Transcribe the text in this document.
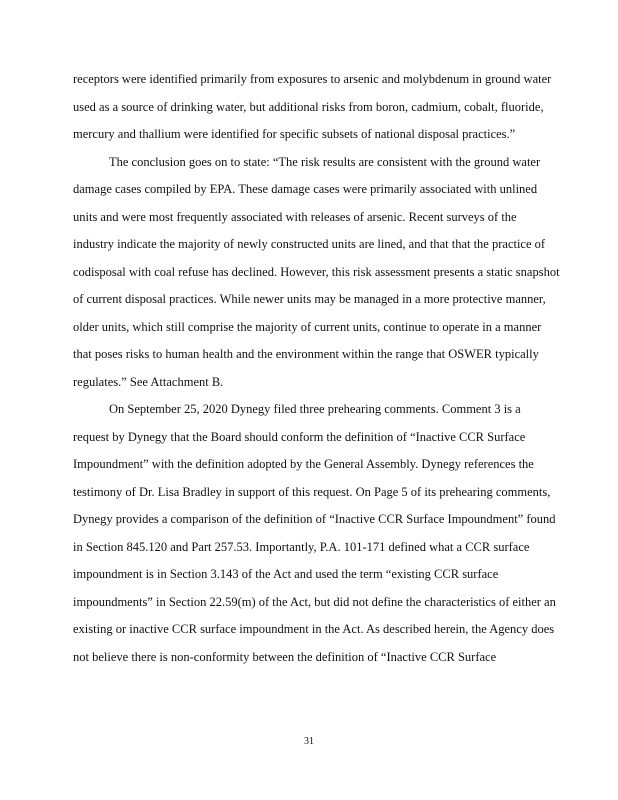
receptors were identified primarily from exposures to arsenic and molybdenum in ground water
used as a source of drinking water, but additional risks from boron, cadmium, cobalt, fluoride,
mercury and thallium were identified for specific subsets of national disposal practices.”
The conclusion goes on to state: “The risk results are consistent with the ground water
damage cases compiled by EPA. These damage cases were primarily associated with unlined
units and were most frequently associated with releases of arsenic. Recent surveys of the
industry indicate the majority of newly constructed units are lined, and that that the practice of
codisposal with coal refuse has declined. However, this risk assessment presents a static snapshot
of current disposal practices. While newer units may be managed in a more protective manner,
older units, which still comprise the majority of current units, continue to operate in a manner
that poses risks to human health and the environment within the range that OSWER typically
regulates.” See Attachment B.
On September 25, 2020 Dynegy filed three prehearing comments. Comment 3 is a
request by Dynegy that the Board should conform the definition of “Inactive CCR Surface
Impoundment” with the definition adopted by the General Assembly. Dynegy references the
testimony of Dr. Lisa Bradley in support of this request. On Page 5 of its prehearing comments,
Dynegy provides a comparison of the definition of “Inactive CCR Surface Impoundment” found
in Section 845.120 and Part 257.53. Importantly, P.A. 101-171 defined what a CCR surface
impoundment is in Section 3.143 of the Act and used the term “existing CCR surface
impoundments” in Section 22.59(m) of the Act, but did not define the characteristics of either an
existing or inactive CCR surface impoundment in the Act. As described herein, the Agency does
not believe there is non-conformity between the definition of “Inactive CCR Surface
31
